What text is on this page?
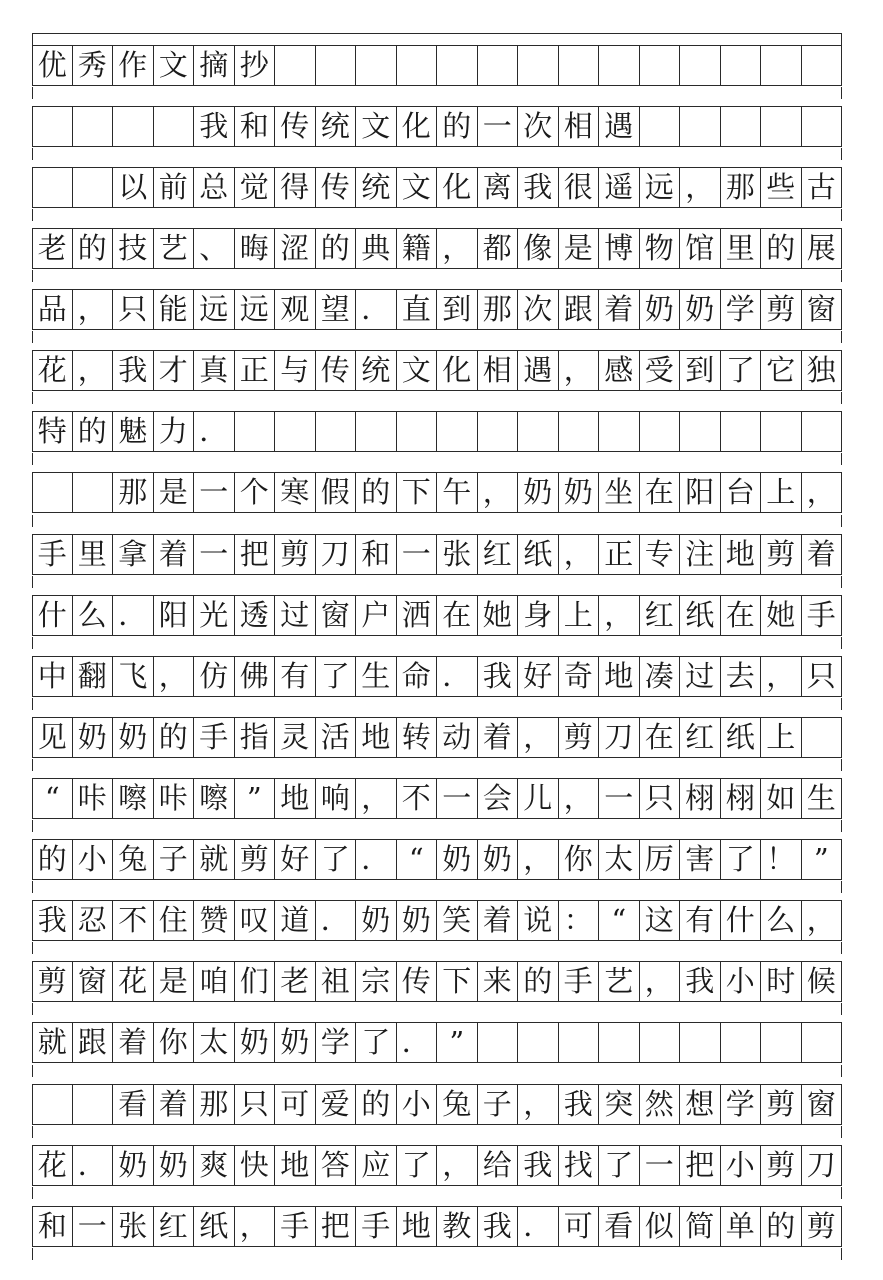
优 秀 作 文 摘 抄
我 和 传 统 文 化 的 一 次 相 遇
以 前 总 觉 得 传 统 文 化 离 我 很 遥 远 ， 那 些 古
老 的 技 艺 、 晦 涩 的 典 籍 ， 都 像 是 博 物 馆 里 的 展
品 ， 只 能 远 远 观 望 ． 直 到 那 次 跟 着 奶 奶 学 剪 窗
花 ， 我 才 真 正 与 传 统 文 化 相 遇 ， 感 受 到 了 它 独
特 的 魅 力 ．
那 是 一 个 寒 假 的 下 午 ， 奶 奶 坐 在 阳 台 上 ，
手 里 拿 着 一 把 剪 刀 和 一 张 红 纸 ， 正 专 注 地 剪 着
什 么 ． 阳 光 透 过 窗 户 洒 在 她 身 上 ， 红 纸 在 她 手
中 翻 飞 ， 仿 佛 有 了 生 命 ． 我 好 奇 地 凑 过 去 ， 只
见 奶 奶 的 手 指 灵 活 地 转 动 着 ， 剪 刀 在 红 纸 上
“ 咔 嚓 咔 嚓 ” 地 响 ， 不 一 会 儿 ， 一 只 栩 栩 如 生
的 小 兔 子 就 剪 好 了 ． “ 奶 奶 ， 你 太 厉 害 了 ！ ”
我 忍 不 住 赞 叹 道 ． 奶 奶 笑 着 说 ： “ 这 有 什 么 ，
剪 窗 花 是 咱 们 老 祖 宗 传 下 来 的 手 艺 ， 我 小 时 候
就 跟 着 你 太 奶 奶 学 了 ． ”
看 着 那 只 可 爱 的 小 兔 子 ， 我 突 然 想 学 剪 窗
花 ． 奶 奶 爽 快 地 答 应 了 ， 给 我 找 了 一 把 小 剪 刀
和 一 张 红 纸 ， 手 把 手 地 教 我 ． 可 看 似 简 单 的 剪
